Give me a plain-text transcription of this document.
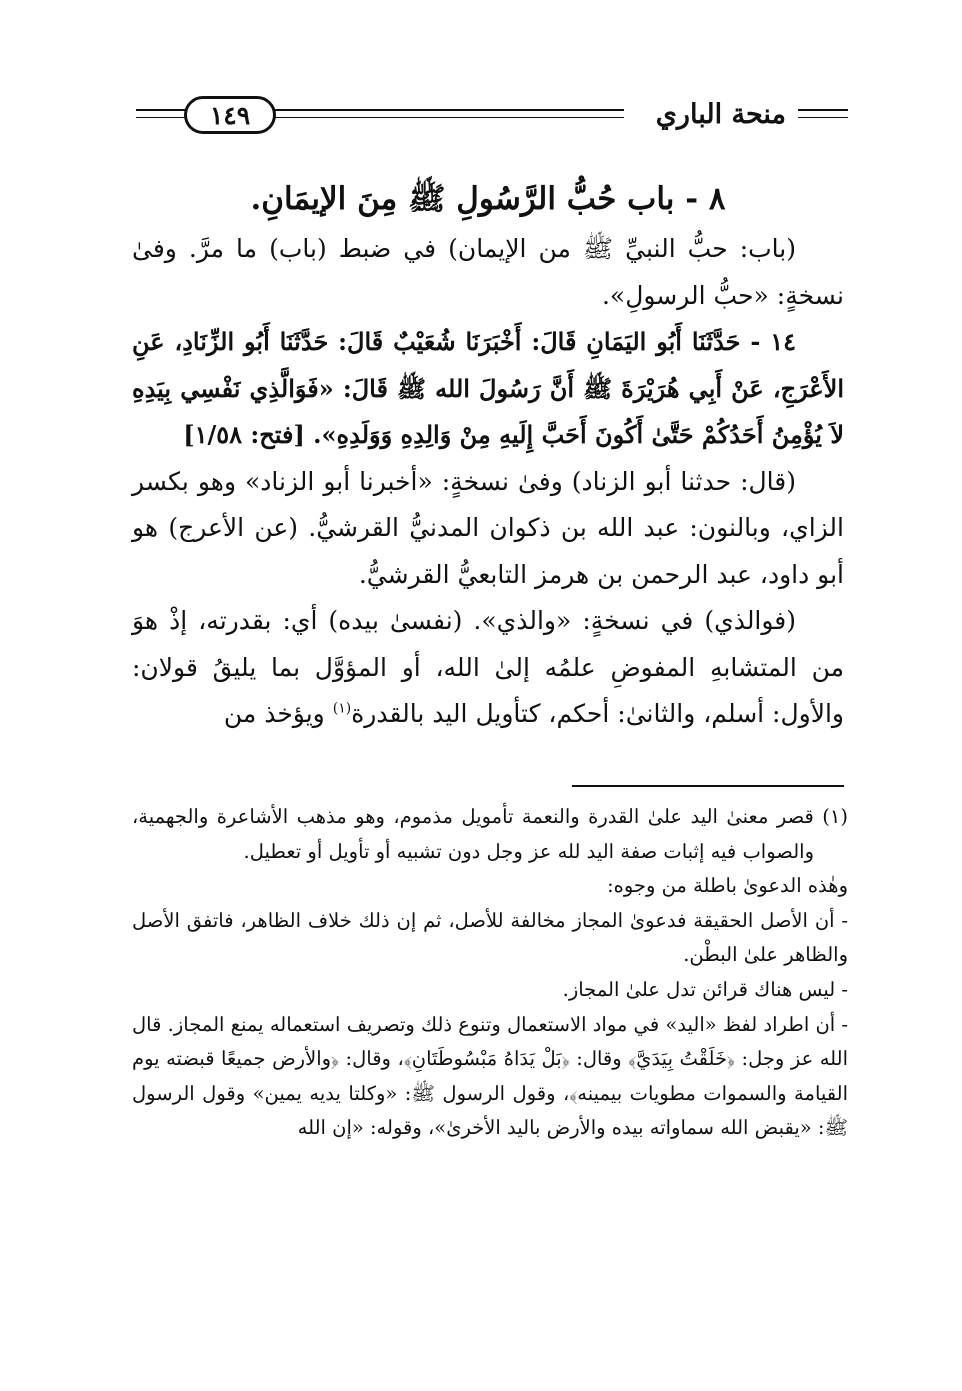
منحة الباري
١٤٩
٨ - باب حُبُّ الرَّسُولِ ﷺ مِنَ الإيمَانِ.

(باب: حبُّ النبيِّ ﷺ من الإيمان) في ضبط (باب) ما مرَّ. وفىٰ نسخةٍ: «حبُّ الرسولِ».

١٤ - حَدَّثَنَا أَبُو اليَمَانِ قَالَ: أَخْبَرَنَا شُعَيْبٌ قَالَ: حَدَّثَنَا أَبُو الزِّنَادِ، عَنِ الأَعْرَجِ، عَنْ أَبِي هُرَيْرَةَ ﷺ أَنَّ رَسُولَ الله ﷺ قَالَ: «فَوَالَّذِي نَفْسِي بِيَدِهِ لاَ يُؤْمِنُ أَحَدُكُمْ حَتَّىٰ أَكُونَ أَحَبَّ إِلَيهِ مِنْ وَالِدِهِ وَوَلَدِهِ». [فتح: ١/٥٨]

(قال: حدثنا أبو الزناد) وفىٰ نسخةٍ: «أخبرنا أبو الزناد» وهو بكسر الزاي، وبالنون: عبد الله بن ذكوان المدنيُّ القرشيُّ. (عن الأعرج) هو أبو داود، عبد الرحمن بن هرمز التابعيُّ القرشيُّ.

(فوالذي) في نسخةٍ: «والذي». (نفسىٰ بيده) أي: بقدرته، إذْ هوَ من المتشابهِ المفوضِ علمُه إلىٰ الله، أو المؤوَّل بما يليقُ قولان: والأول: أسلم، والثانىٰ: أحكم، كتأويل اليد بالقدرة$^{(١)}$ ويؤخذ من

(١) قصر معنىٰ اليد علىٰ القدرة والنعمة تأمويل مذموم، وهو مذهب الأشاعرة والجهمية، والصواب فيه إثبات صفة اليد لله عز وجل دون تشبيه أو تأويل أو تعطيل.

وهٰذه الدعوىٰ باطلة من وجوه:

- أن الأصل الحقيقة فدعوىٰ المجاز مخالفة للأصل، ثم إن ذلك خلاف الظاهر، فاتفق الأصل والظاهر علىٰ البطْن.

- ليس هناك قرائن تدل علىٰ المجاز.

- أن اطراد لفظ «اليد» في مواد الاستعمال وتنوع ذلك وتصريف استعماله يمنع المجاز. قال الله عز وجل: ﴿خَلَقْتُ بِيَدَيَّ﴾ وقال: ﴿بَلْ يَدَاهُ مَبْسُوطَتَانِ﴾، وقال: ﴿والأرض جميعًا قبضته يوم القيامة والسموات مطويات بيمينه﴾، وقول الرسول ﷺ: «وكلتا يديه يمين» وقول الرسول ﷺ: «يقبض الله سماواته بيده والأرض باليد الأخرىٰ»، وقوله: «إن الله
